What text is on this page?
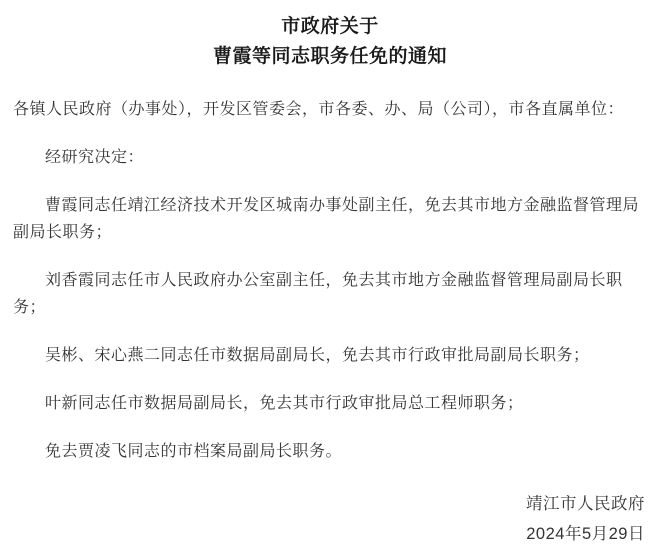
市政府关于
曹霞等同志职务任免的通知

各镇人民政府（办事处），开发区管委会，市各委、办、局（公司），市各直属单位：

经研究决定：

曹霞同志任靖江经济技术开发区城南办事处副主任，免去其市地方金融监督管理局副局长职务；

刘香霞同志任市人民政府办公室副主任，免去其市地方金融监督管理局副局长职务；

吴彬、宋心燕二同志任市数据局副局长，免去其市行政审批局副局长职务；

叶新同志任市数据局副局长，免去其市行政审批局总工程师职务；

免去贾凌飞同志的市档案局副局长职务。

靖江市人民政府
2024年5月29日
